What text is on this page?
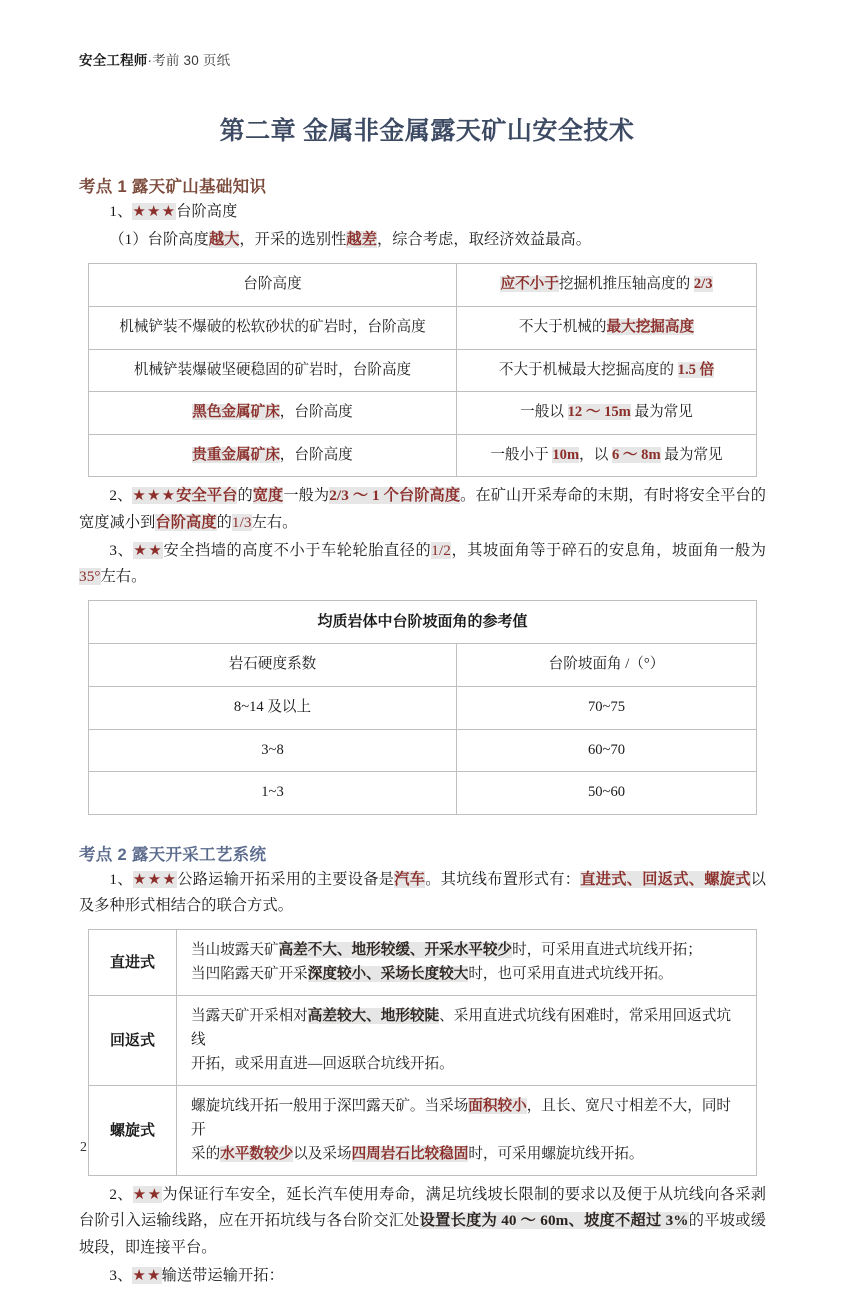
安全工程师·考前 30 页纸
第二章 金属非金属露天矿山安全技术
考点 1 露天矿山基础知识

1、★★★台阶高度

（1）台阶高度越大，开采的选别性越差，综合考虑，取经济效益最高。

台阶高度	应不小于挖掘机推压轴高度的 2/3
机械铲装不爆破的松软砂状的矿岩时，台阶高度	不大于机械的最大挖掘高度
机械铲装爆破坚硬稳固的矿岩时，台阶高度	不大于机械最大挖掘高度的 1.5 倍
黑色金属矿床，台阶高度	一般以 12 ～ 15m 最为常见
贵重金属矿床，台阶高度	一般小于 10m，以 6 ～ 8m 最为常见

2、★★★安全平台的宽度一般为2/3 ～ 1 个台阶高度。在矿山开采寿命的末期，有时将安全平台的宽度减小到台阶高度的1/3左右。

3、★★安全挡墙的高度不小于车轮轮胎直径的1/2，其坡面角等于碎石的安息角，坡面角一般为35°左右。

均质岩体中台阶坡面角的参考值	
岩石硬度系数	台阶坡面角 /（°）
8~14 及以上	70~75
3~8	60~70
1~3	50~60
考点 2 露天开采工艺系统

1、★★★公路运输开拓采用的主要设备是汽车。其坑线布置形式有：直进式、回返式、螺旋式以及多种形式相结合的联合方式。

直进式	当山坡露天矿高差不大、地形较缓、开采水平较少时，可采用直进式坑线开拓；
当凹陷露天矿开采深度较小、采场长度较大时，也可采用直进式坑线开拓。

回返式	当露天矿开采相对高差较大、地形较陡、采用直进式坑线有困难时，常采用回返式坑线
开拓，或采用直进—回返联合坑线开拓。

螺旋式	螺旋坑线开拓一般用于深凹露天矿。当采场面积较小，且长、宽尺寸相差不大，同时开
采的水平数较少以及采场四周岩石比较稳固时，可采用螺旋坑线开拓。

2、★★为保证行车安全，延长汽车使用寿命，满足坑线坡长限制的要求以及便于从坑线向各采剥台阶引入运输线路，应在开拓坑线与各台阶交汇处设置长度为 40 ～ 60m、坡度不超过 3%的平坡或缓坡段，即连接平台。

3、★★输送带运输开拓：

2
